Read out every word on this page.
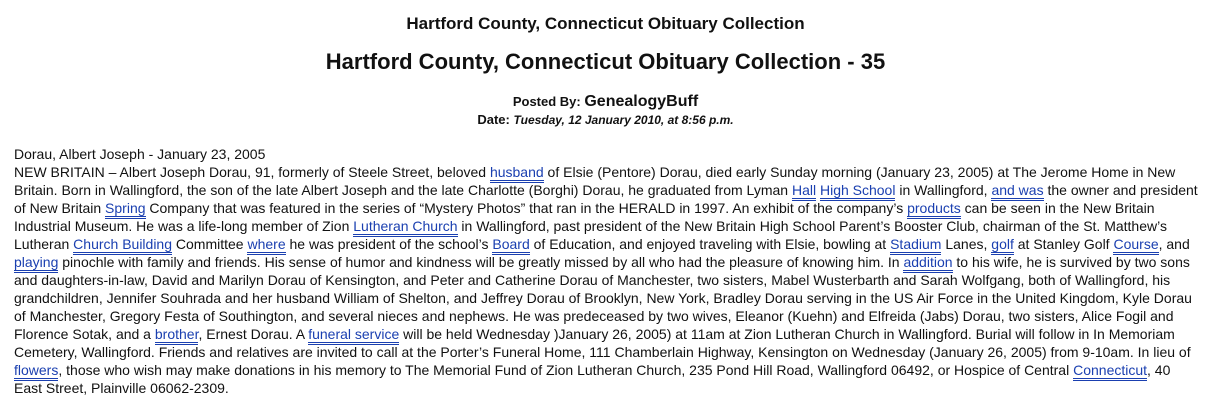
Hartford County, Connecticut Obituary Collection
Hartford County, Connecticut Obituary Collection - 35
Posted By: GenealogyBuff
Date: Tuesday, 12 January 2010, at 8:56 p.m.
Dorau, Albert Joseph - January 23, 2005
NEW BRITAIN – Albert Joseph Dorau, 91, formerly of Steele Street, beloved husband of Elsie (Pentore) Dorau, died early Sunday morning (January 23, 2005) at The Jerome Home in New Britain. Born in Wallingford, the son of the late Albert Joseph and the late Charlotte (Borghi) Dorau, he graduated from Lyman Hall High School in Wallingford, and was the owner and president of New Britain Spring Company that was featured in the series of “Mystery Photos” that ran in the HERALD in 1997. An exhibit of the company’s products can be seen in the New Britain Industrial Museum. He was a life-long member of Zion Lutheran Church in Wallingford, past president of the New Britain High School Parent’s Booster Club, chairman of the St. Matthew’s Lutheran Church Building Committee where he was president of the school’s Board of Education, and enjoyed traveling with Elsie, bowling at Stadium Lanes, golf at Stanley Golf Course, and playing pinochle with family and friends. His sense of humor and kindness will be greatly missed by all who had the pleasure of knowing him. In addition to his wife, he is survived by two sons and daughters-in-law, David and Marilyn Dorau of Kensington, and Peter and Catherine Dorau of Manchester, two sisters, Mabel Wusterbarth and Sarah Wolfgang, both of Wallingford, his grandchildren, Jennifer Souhrada and her husband William of Shelton, and Jeffrey Dorau of Brooklyn, New York, Bradley Dorau serving in the US Air Force in the United Kingdom, Kyle Dorau of Manchester, Gregory Festa of Southington, and several nieces and nephews. He was predeceased by two wives, Eleanor (Kuehn) and Elfreida (Jabs) Dorau, two sisters, Alice Fogil and Florence Sotak, and a brother, Ernest Dorau. A funeral service will be held Wednesday )January 26, 2005) at 11am at Zion Lutheran Church in Wallingford. Burial will follow in In Memoriam Cemetery, Wallingford. Friends and relatives are invited to call at the Porter’s Funeral Home, 111 Chamberlain Highway, Kensington on Wednesday (January 26, 2005) from 9-10am. In lieu of flowers, those who wish may make donations in his memory to The Memorial Fund of Zion Lutheran Church, 235 Pond Hill Road, Wallingford 06492, or Hospice of Central Connecticut, 40 East Street, Plainville 06062-2309.
